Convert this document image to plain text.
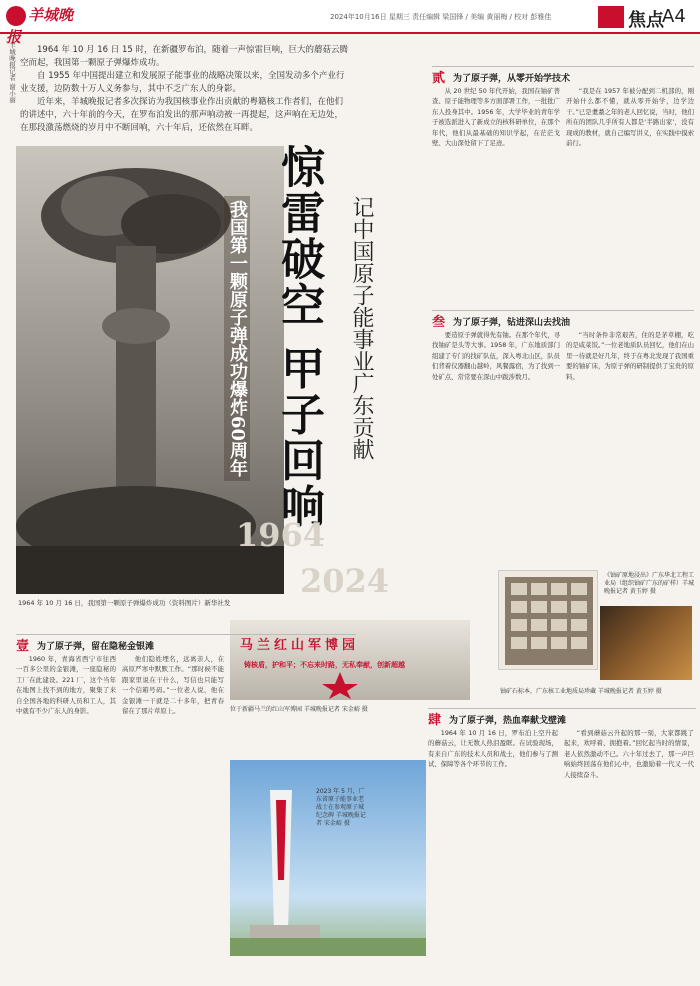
羊城晚报
2024年10月16日 星期三 责任编辑 梁国锋 / 美编 黄丽梅 / 校对 彭雅佳	焦点
A4
羊城晚报记者 谢小丽	1964 年 10 月 16 日 15 时，在新疆罗布泊，随着一声惊雷巨响，巨大的蘑菇云腾空而起，我国第一颗原子弹爆炸成功。

自 1955 年中国提出建立和发展原子能事业的战略决策以来，全国发动多个产业行业支援，边防数十万人义务参与，其中不乏广东人的身影。

近年来，羊城晚报记者多次探访为我国核事业作出贡献的粤籍核工作者们，在他们的讲述中，六十年前的今天，在罗布泊发出的那声响动被一再提起，这声响在无边处，在那段激荡燃烧的岁月中不断回响，六十年后，还依然在耳畔。

我国第一颗原子弹成功爆炸60周年 惊雷破空 甲子回响 记中国原子能事业广东贡献
1964
2024
1964 年 10 月 16 日，我国第一颗原子弹爆炸成功（资料图片）新华社发
贰 为了原子弹，从零开始学技术

从 20 世纪 50 年代开始，我国在铀矿普查、原子能物理等多方面部署工作，一批批广东人投身其中。1956 年，大学毕业的青年学子被选派进入了新成立的核科研单位，在那个年代，他们从最基础的知识学起，在茫茫戈壁、大山深处留下了足迹。

“我是在 1957 年被分配到二机部的，刚开始什么都不懂，就从零开始学，边学边干。”已是耄耋之年的老人回忆说，当时，他们所在的团队几乎所有人都是‘半路出家’，没有现成的教材，就自己编写讲义，在实践中摸索前行。

叁 为了原子弹，钻进深山去找油

要造原子弹就得先有铀。在那个年代，寻找铀矿是头等大事。1958 年，广东地质部门组建了专门的找矿队伍，深入粤北山区，队员们背着仪器翻山越岭，风餐露宿，为了找到一处矿点，常常要在深山中跋涉数月。

“当时条件非常艰苦，住的是茅草棚，吃的是咸菜饭。”一位老地质队员回忆，他们在山里一待就是好几年，终于在粤北发现了我国重要的铀矿床，为原子弹的研制提供了宝贵的原料。

马兰红山军博园
铸核盾，护和平；不忘来时路，无私奉献，创新超越
位于新疆马兰的红山军博园 羊城晚报记者 宋金峪 摄
壹 为了原子弹，留在隐秘金银滩

1960 年，青海省西宁市往西一百多公里的金银滩，一座隐秘的工厂在此建设。221 厂，这个当年在地图上找不到的地方，聚集了来自全国各地的科研人员和工人，其中就有不少广东人的身影。

他们隐姓埋名，远离亲人，在高原严寒中默默工作。“那时候不能跟家里说在干什么，写信也只能写一个信箱号码。”一位老人说，他在金银滩一干就是二十多年，把青春留在了那片草原上。

2023 年 5 月，广东省原子能事业老战士在参观原子城纪念碑 羊城晚报记者 宋金峪 摄
《铀矿原地浸出》广东华北工程工业局（组织铀矿广东的矿样）羊城晚报记者 黄玉婷 摄
铀矿石标本，广东核工业地质局珍藏 羊城晚报记者 黄玉婷 摄
肆 为了原子弹，热血奉献戈壁滩

1964 年 10 月 16 日，罗布泊上空升起的蘑菇云，让无数人热泪盈眶。在试验现场，有来自广东的技术人员和战士，他们参与了测试、保障等各个环节的工作。

“看到蘑菇云升起的那一刻，大家都跳了起来，欢呼着、拥抱着。”回忆起当时的情景，老人依然激动不已。六十年过去了，那一声巨响始终回荡在他们心中，也激励着一代又一代人接续奋斗。
